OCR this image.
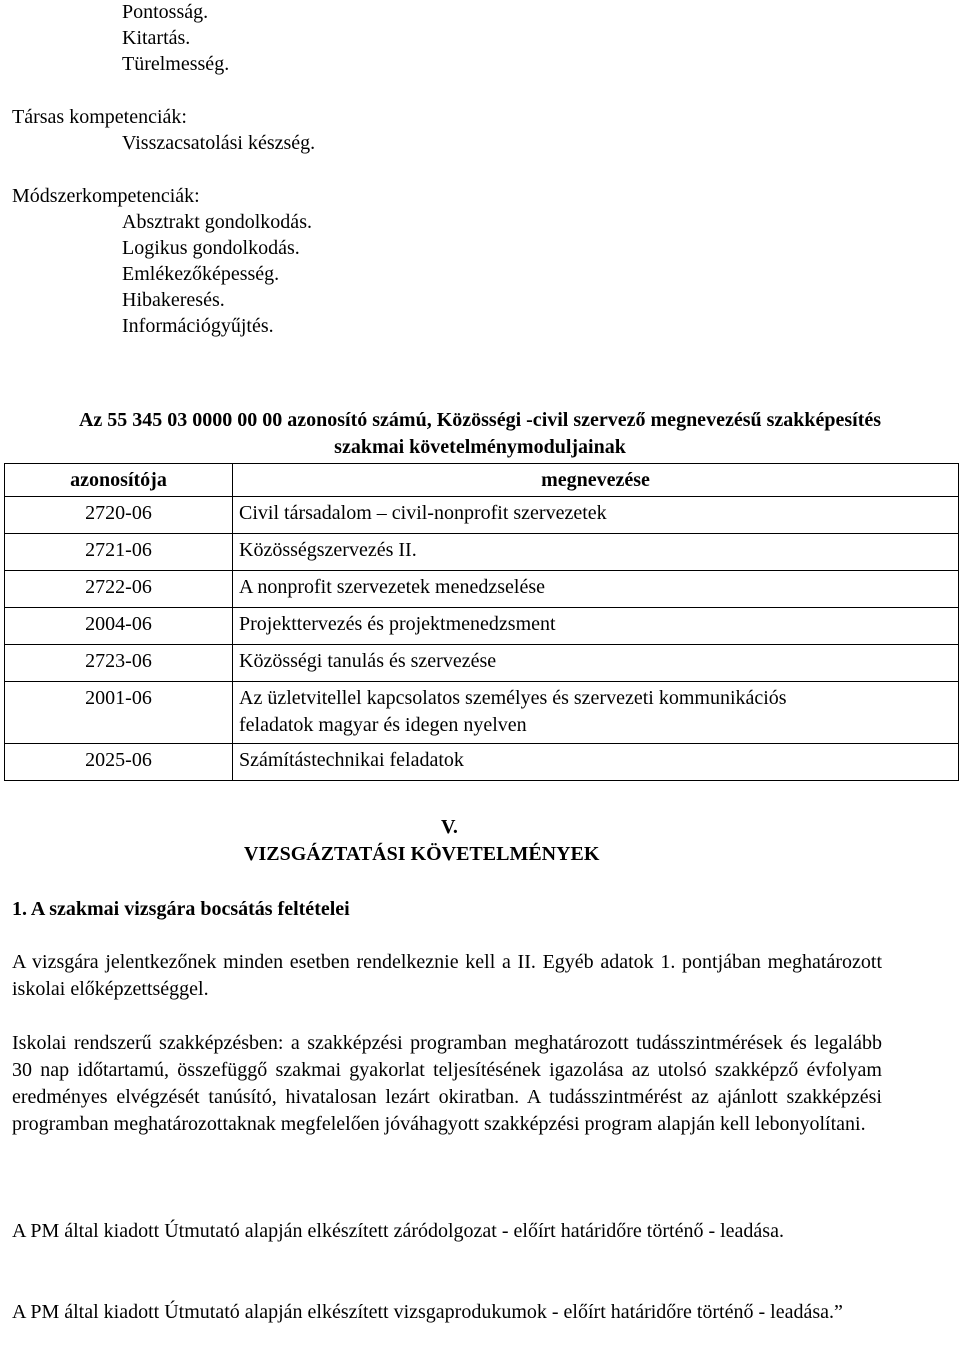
Pontosság.
Kitartás.
Türelmesség.
Társas kompetenciák:
Visszacsatolási készség.
Módszerkompetenciák:
Absztrakt gondolkodás.
Logikus gondolkodás.
Emlékezőképesség.
Hibakeresés.
Információgyűjtés.
Az 55 345 03 0000 00 00 azonosító számú, Közösségi -civil szervező megnevezésű szakképesítés
szakmai követelménymoduljainak
azonosítója	megnevezése
2720-06	Civil társadalom – civil-nonprofit szervezetek
2721-06	Közösségszervezés II.
2722-06	A nonprofit szervezetek menedzselése
2004-06	Projekttervezés és projektmenedzsment
2723-06	Közösségi tanulás és szervezése
2001-06	Az üzletvitellel kapcsolatos személyes és szervezeti kommunikációs
feladatok magyar és idegen nyelven

2025-06	Számítástechnikai feladatok
V.
VIZSGÁZTATÁSI KÖVETELMÉNYEK
1. A szakmai vizsgára bocsátás feltételei
A vizsgára jelentkezőnek minden esetben rendelkeznie kell a II. Egyéb adatok 1. pontjában meghatározott iskolai előképzettséggel.
Iskolai rendszerű szakképzésben: a szakképzési programban meghatározott tudásszintmérések és legalább 30 nap időtartamú, összefüggő szakmai gyakorlat teljesítésének igazolása az utolsó szakképző évfolyam eredményes elvégzését tanúsító, hivatalosan lezárt okiratban. A tudásszintmérést az ajánlott szakképzési programban meghatározottaknak megfelelően jóváhagyott szakképzési program alapján kell lebonyolítani.
A PM által kiadott Útmutató alapján elkészített záródolgozat - előírt határidőre történő - leadása.
A PM által kiadott Útmutató alapján elkészített vizsgaprodukumok - előírt határidőre történő - leadása.”
